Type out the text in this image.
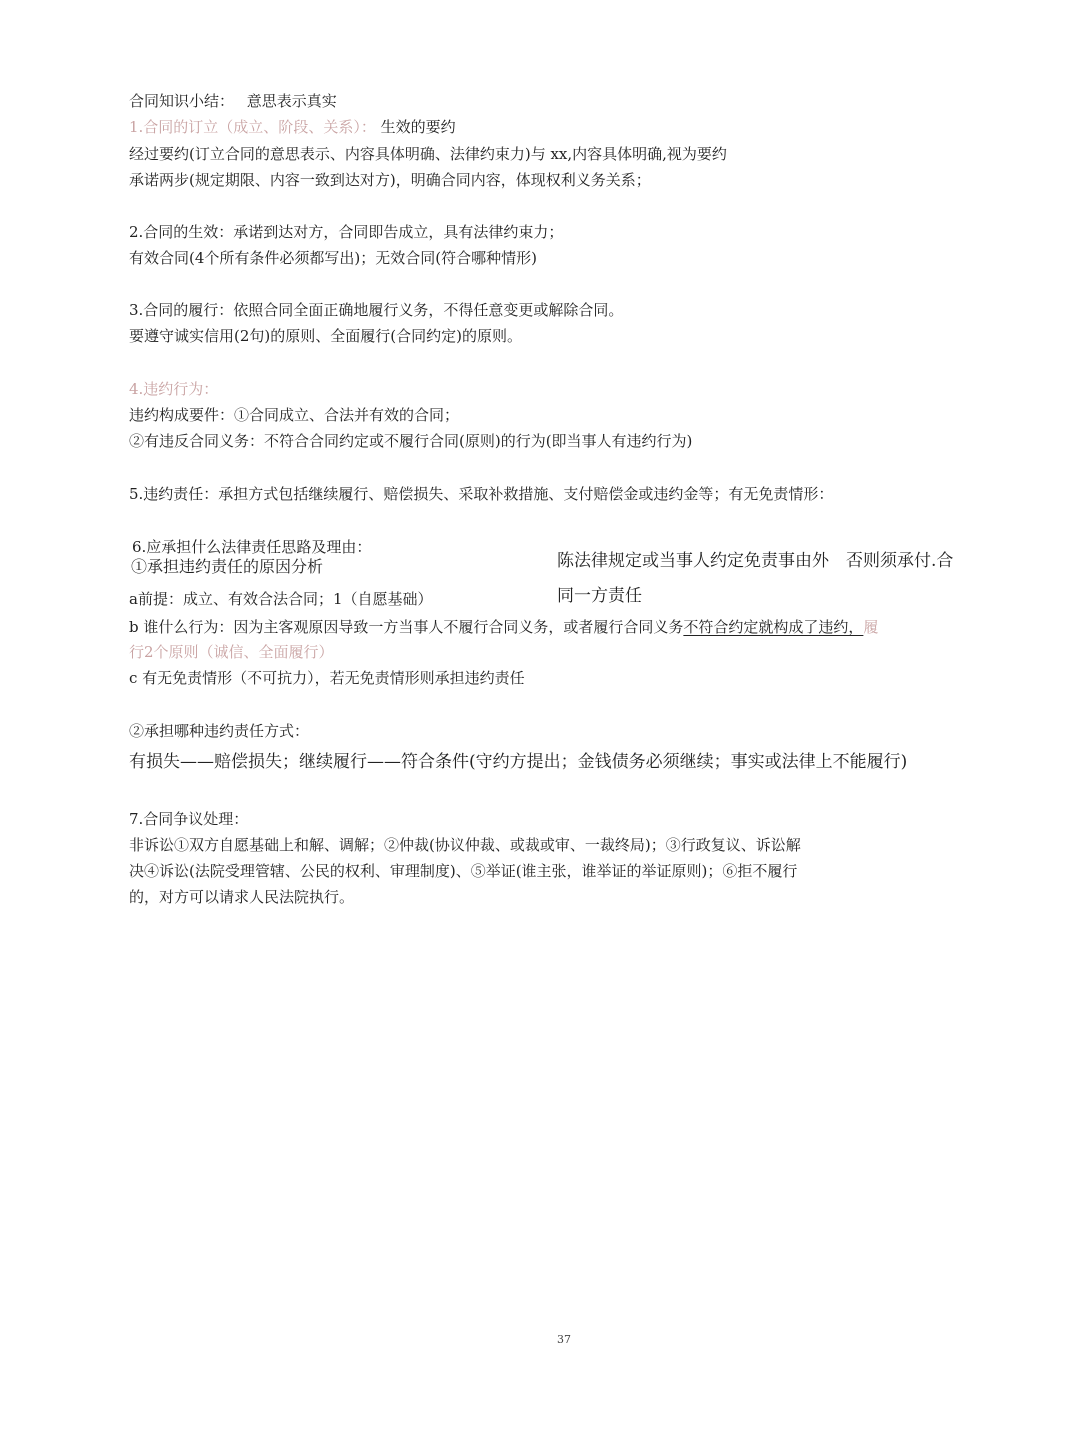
合同知识小结： 意思表示真实
1.合同的订立（成立、阶段、关系）： 生效的要约
经过要约(订立合同的意思表示、内容具体明确、法律约束力)与 xx,内容具体明确,视为要约
承诺两步(规定期限、内容一致到达对方)，明确合同内容，体现权利义务关系；
2.合同的生效：承诺到达对方，合同即告成立，具有法律约束力；
有效合同(4个所有条件必须都写出)；无效合同(符合哪种情形)
3.合同的履行：依照合同全面正确地履行义务，不得任意变更或解除合同。
要遵守诚实信用(2句)的原则、全面履行(合同约定)的原则。
4.违约行为：
违约构成要件：①合同成立、合法并有效的合同；
②有违反合同义务：不符合合同约定或不履行合同(原则)的行为(即当事人有违约行为)
5.违约责任：承担方式包括继续履行、赔偿损失、采取补救措施、支付赔偿金或违约金等；有无免责情形：
6.应承担什么法律责任思路及理由：
①承担违约责任的原因分析	陈法律规定或当事人约定免责事由外　否则须承付.合
同一方责任
a前提：成立、有效合法合同；1（自愿基础）
b 谁什么行为：因为主客观原因导致一方当事人不履行合同义务，或者履行合同义务不符合约定就构成了违约，履
行2个原则（诚信、全面履行）
c 有无免责情形（不可抗力），若无免责情形则承担违约责任
②承担哪种违约责任方式：
有损失——赔偿损失；继续履行——符合条件(守约方提出；金钱债务必须继续；事实或法律上不能履行)
7.合同争议处理：
非诉讼①双方自愿基础上和解、调解；②仲裁(协议仲裁、或裁或审、一裁终局)；③行政复议、诉讼解
决④诉讼(法院受理管辖、公民的权利、审理制度)、⑤举证(谁主张，谁举证的举证原则)；⑥拒不履行
的，对方可以请求人民法院执行。
37
